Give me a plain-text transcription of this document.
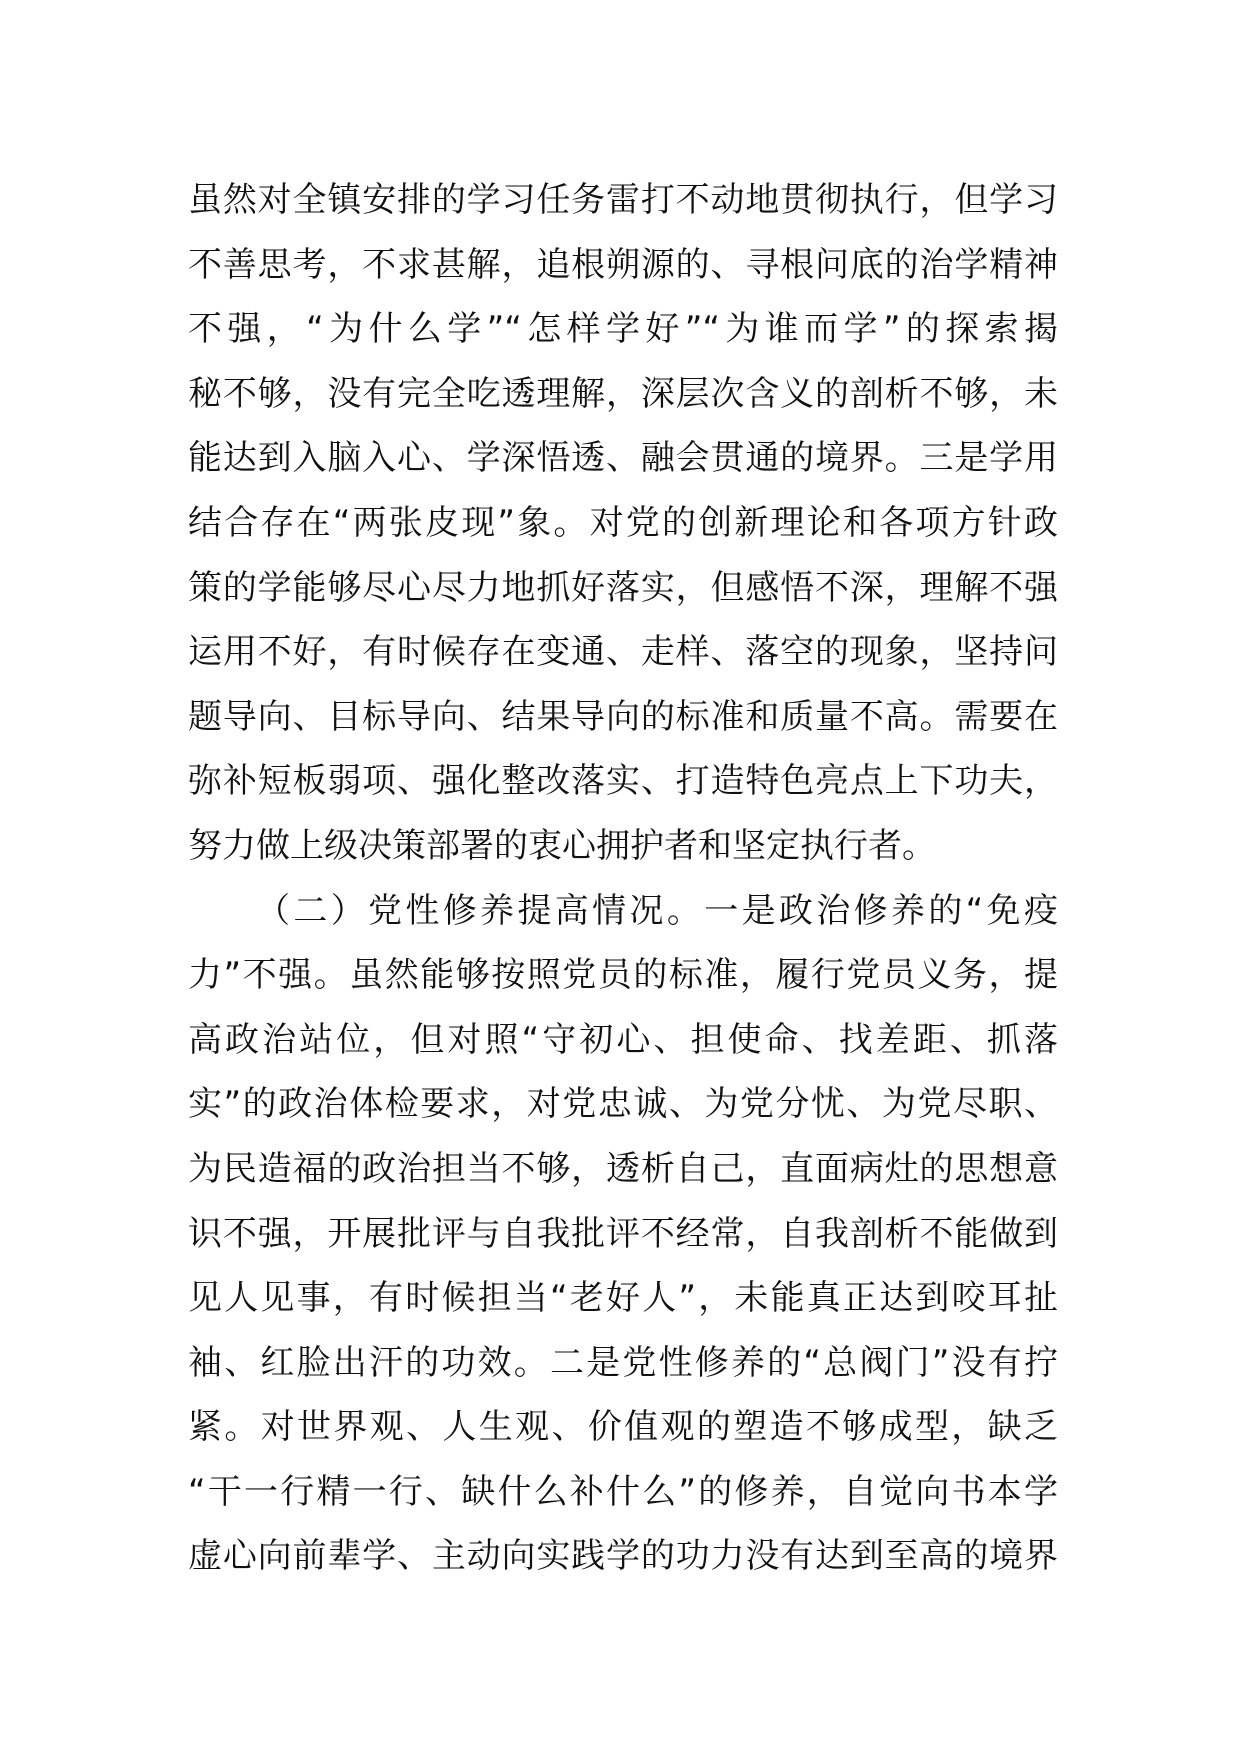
虽然对全镇安排的学习任务雷打不动地贯彻执行，但学习
不善思考，不求甚解，追根朔源的、寻根问底的治学精神
不强，“为什么学”“怎样学好”“为谁而学”的探索揭
秘不够，没有完全吃透理解，深层次含义的剖析不够，未
能达到入脑入心、学深悟透、融会贯通的境界。三是学用
结合存在“两张皮现”象。对党的创新理论和各项方针政
策的学能够尽心尽力地抓好落实，但感悟不深，理解不强
运用不好，有时候存在变通、走样、落空的现象，坚持问
题导向、目标导向、结果导向的标准和质量不高。需要在
弥补短板弱项、强化整改落实、打造特色亮点上下功夫，
努力做上级决策部署的衷心拥护者和坚定执行者。
（二）党性修养提高情况。一是政治修养的“免疫
力”不强。虽然能够按照党员的标准，履行党员义务，提
高政治站位，但对照“守初心、担使命、找差距、抓落
实”的政治体检要求，对党忠诚、为党分忧、为党尽职、
为民造福的政治担当不够，透析自己，直面病灶的思想意
识不强，开展批评与自我批评不经常，自我剖析不能做到
见人见事，有时候担当“老好人”，未能真正达到咬耳扯
袖、红脸出汗的功效。二是党性修养的“总阀门”没有拧
紧。对世界观、人生观、价值观的塑造不够成型，缺乏
“干一行精一行、缺什么补什么”的修养，自觉向书本学
虚心向前辈学、主动向实践学的功力没有达到至高的境界
